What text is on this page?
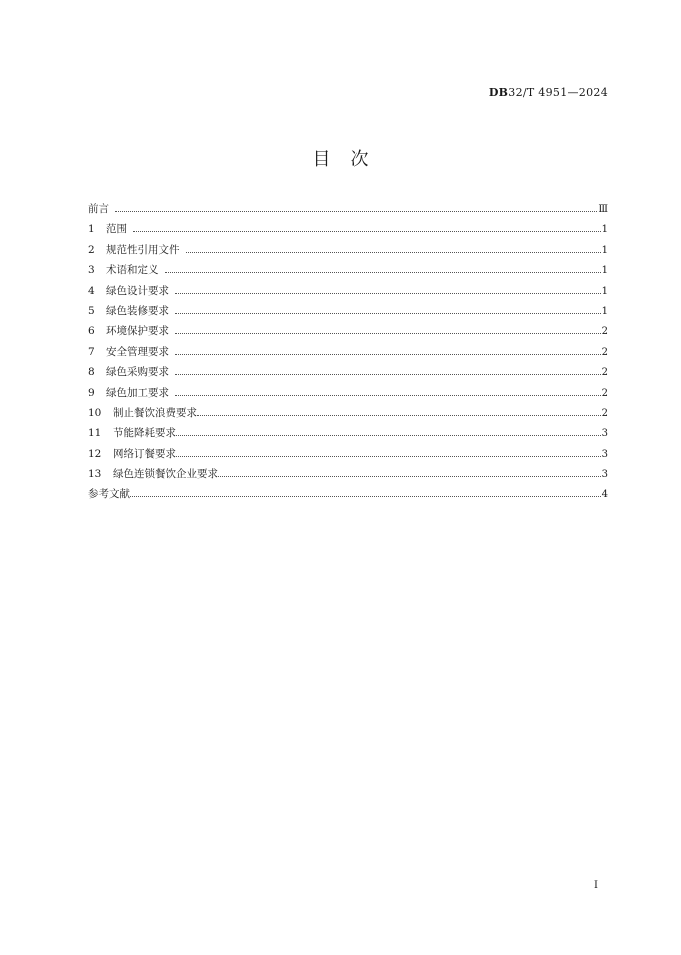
DB32/T 4951—2024
目次
前言	Ⅲ
1	范围	1
2	规范性引用文件	1
3	术语和定义	1
4	绿色设计要求	1
5	绿色装修要求	1
6	环境保护要求	2
7	安全管理要求	2
8	绿色采购要求	2
9	绿色加工要求	2
10	制止餐饮浪费要求	2
11	节能降耗要求	3
12	网络订餐要求	3
13	绿色连锁餐饮企业要求	3
参考文献	4
I
